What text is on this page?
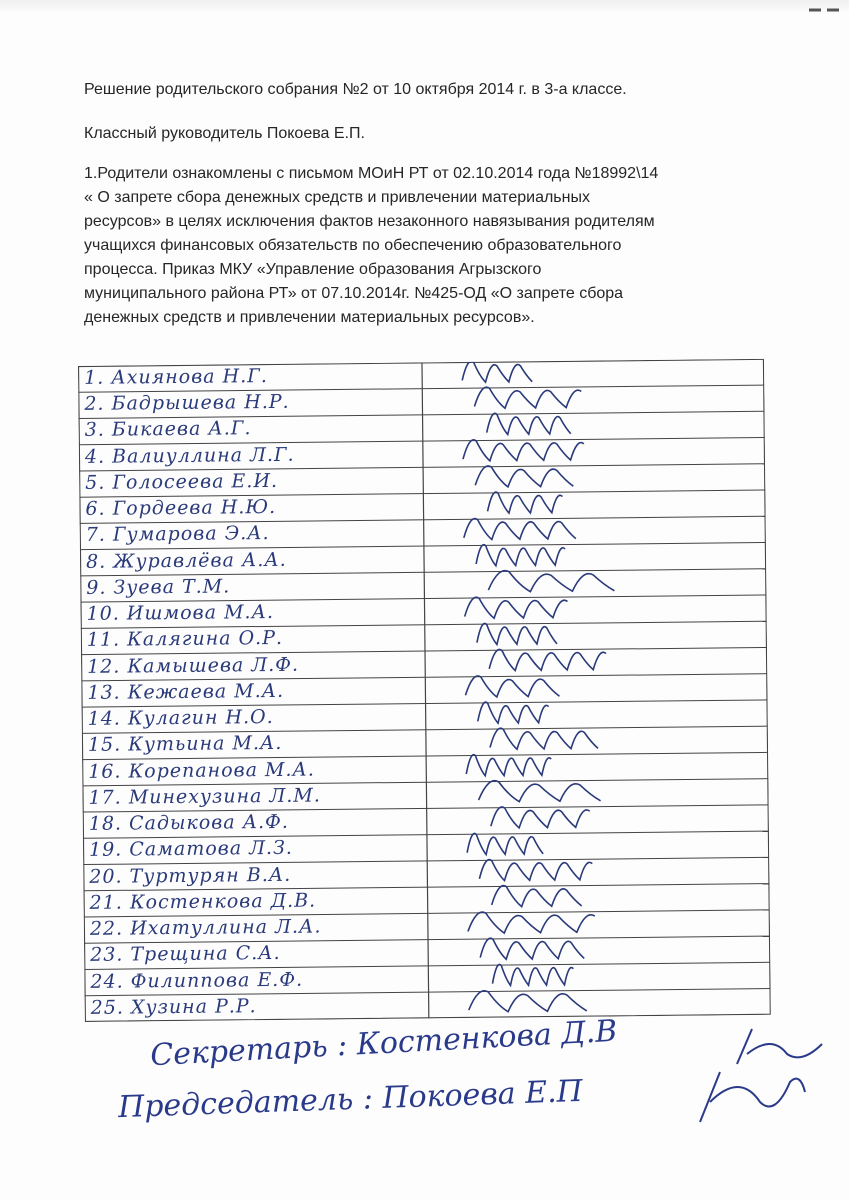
Решение родительского собрания №2 от 10 октября 2014 г. в 3-а классе.
Классный руководитель Покоева Е.П.
1.Родители ознакомлены с письмом МОиН РТ от 02.10.2014 года №18992\14
« О запрете сбора денежных средств и привлечении материальных
ресурсов» в целях исключения фактов незаконного навязывания родителям
учащихся финансовых обязательств по обеспечению образовательного
процесса. Приказ МКУ «Управление образования Агрызского
муниципального района РТ» от 07.10.2014г. №425-ОД «О запрете сбора
денежных средств и привлечении материальных ресурсов».
1. Ахиянова Н.Г.
2. Бадрышева Н.Р.
3. Бикаева А.Г.
4. Валиуллина Л.Г.
5. Голосеева Е.И.
6. Гордеева Н.Ю.
7. Гумарова Э.А.
8. Журавлёва А.А.
9. Зуева Т.М.
10. Ишмова М.А.
11. Калягина О.Р.
12. Камышева Л.Ф.
13. Кежаева М.А.
14. Кулагин Н.О.
15. Кутьина М.А.
16. Корепанова М.А.
17. Минехузина Л.М.
18. Садыкова А.Ф.
19. Саматова Л.З.
20. Туртурян В.А.
21. Костенкова Д.В.
22. Ихатуллина Л.А.
23. Трещина С.А.
24. Филиппова Е.Ф.
25. Хузина Р.Р.
Секретарь : Костенкова Д.В
Председатель : Покоева Е.П
